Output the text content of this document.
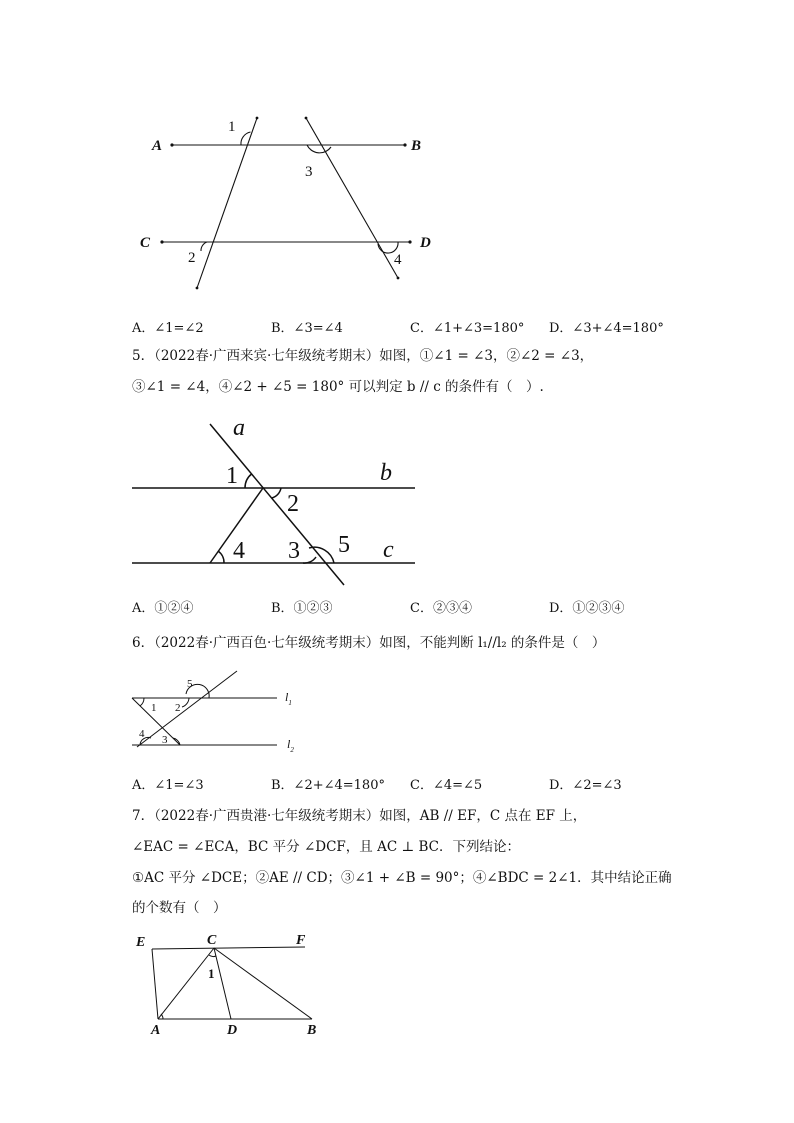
A	B
C	D
1
3
2	4
A．∠1=∠2	B．∠3=∠4	C．∠1+∠3=180° D．∠3+∠4=180°
5．（2022春·广西来宾·七年级统考期末）如图，①∠1 = ∠3，②∠2 = ∠3，
③∠1 = ∠4，④∠2 + ∠5 = 180° 可以判定 b // c 的条件有（　）.
a
b
c
1
2
4 3 5
A．①②④	B．①②③	C．②③④	D．①②③④
6．（2022春·广西百色·七年级统考期末）如图，不能判断 l₁//l₂ 的条件是（　）
1 2
5
4 3
$l_1$
$l_2$
A．∠1=∠3	B．∠2+∠4=180° C．∠4=∠5	D．∠2=∠3
7．（2022春·广西贵港·七年级统考期末）如图，AB // EF，C 点在 EF 上，
∠EAC = ∠ECA，BC 平分 ∠DCF，且 AC ⊥ BC．下列结论：
①AC 平分 ∠DCE；②AE // CD；③∠1 + ∠B = 90°；④∠BDC = 2∠1．其中结论正确
的个数有（　）
E	C	F
1
A	D	B
